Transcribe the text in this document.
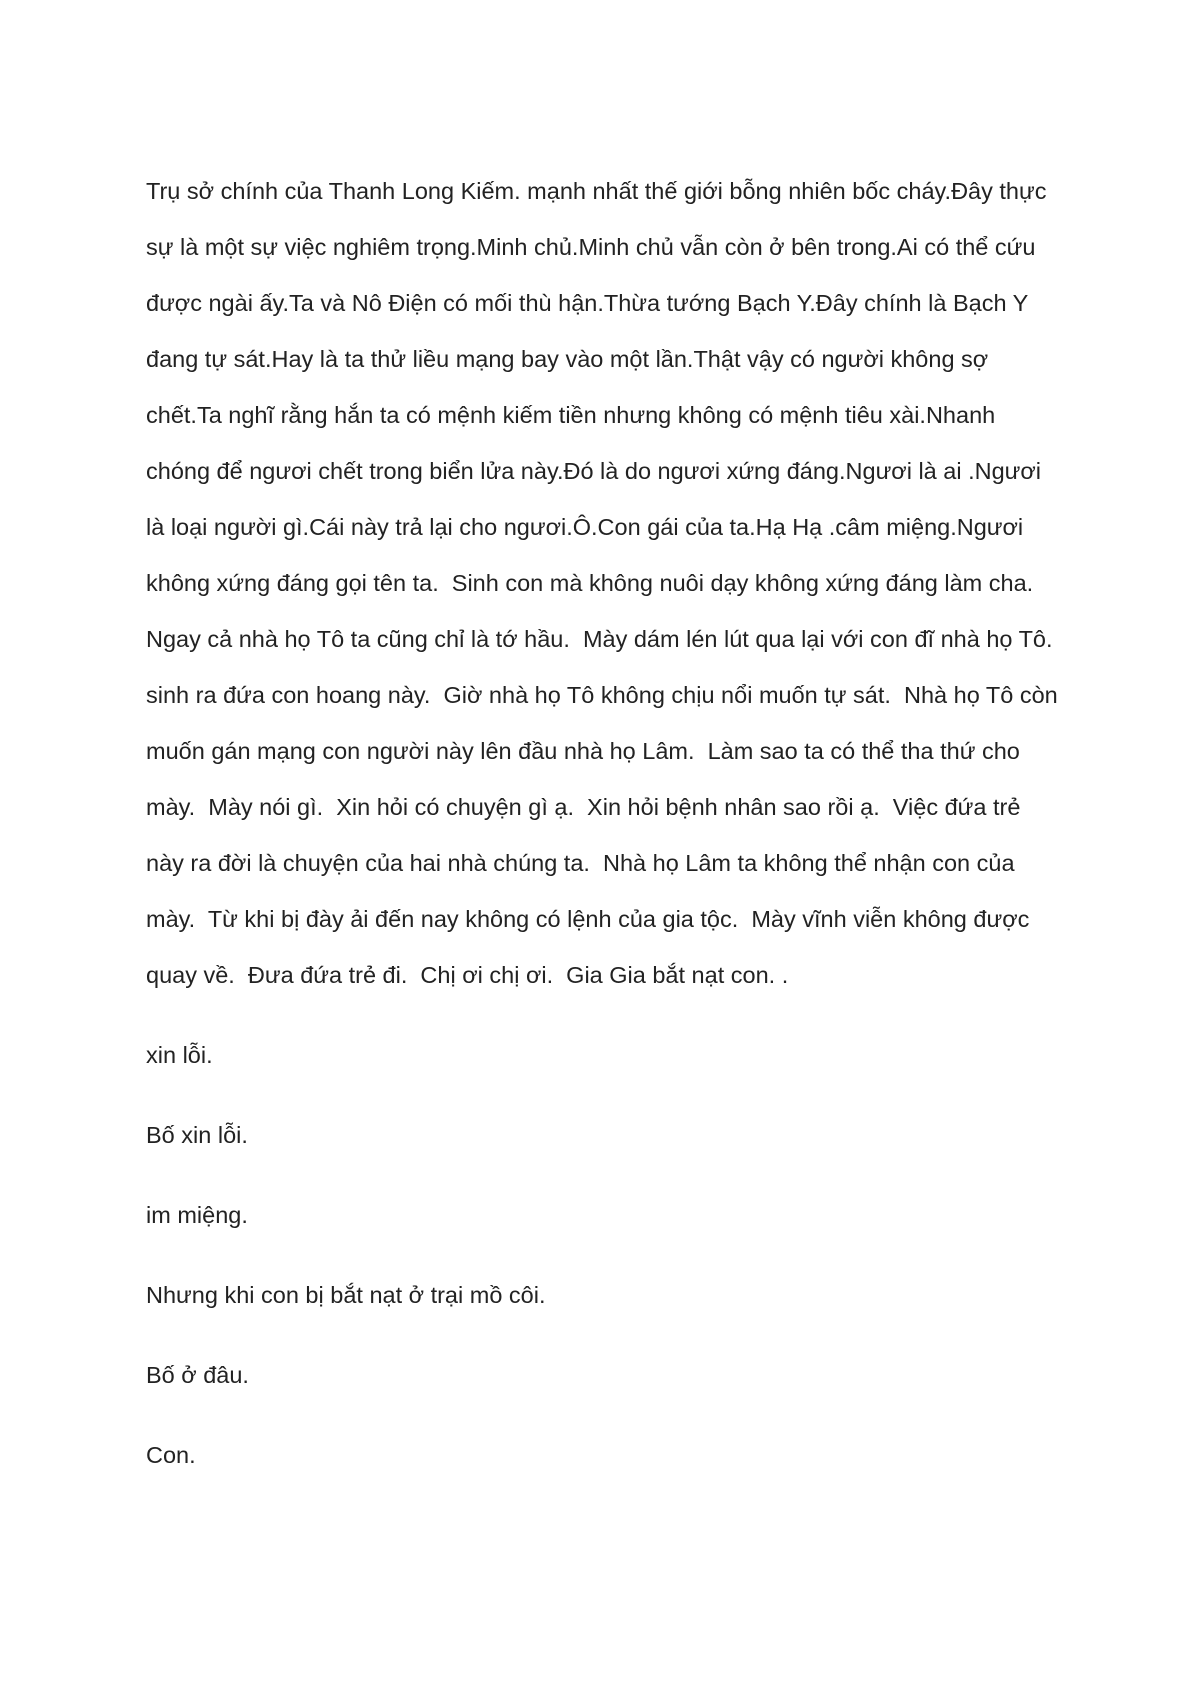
Trụ sở chính của Thanh Long Kiếm. mạnh nhất thế giới bỗng nhiên bốc cháy.Đây thực sự là một sự việc nghiêm trọng.Minh chủ.Minh chủ vẫn còn ở bên trong.Ai có thể cứu được ngài ấy.Ta và Nô Điện có mối thù hận.Thừa tướng Bạch Y.Đây chính là Bạch Y đang tự sát.Hay là ta thử liều mạng bay vào một lần.Thật vậy có người không sợ chết.Ta nghĩ rằng hắn ta có mệnh kiếm tiền nhưng không có mệnh tiêu xài.Nhanh chóng để ngươi chết trong biển lửa này.Đó là do ngươi xứng đáng.Ngươi là ai .Ngươi là loại người gì.Cái này trả lại cho ngươi.Ô.Con gái của ta.Hạ Hạ .câm miệng.Ngươi không xứng đáng gọi tên ta.  Sinh con mà không nuôi dạy không xứng đáng làm cha.  Ngay cả nhà họ Tô ta cũng chỉ là tớ hầu.  Mày dám lén lút qua lại với con đĩ nhà họ Tô. sinh ra đứa con hoang này.  Giờ nhà họ Tô không chịu nổi muốn tự sát.  Nhà họ Tô còn muốn gán mạng con người này lên đầu nhà họ Lâm.  Làm sao ta có thể tha thứ cho mày.  Mày nói gì.  Xin hỏi có chuyện gì ạ.  Xin hỏi bệnh nhân sao rồi ạ.  Việc đứa trẻ này ra đời là chuyện của hai nhà chúng ta.  Nhà họ Lâm ta không thể nhận con của mày.  Từ khi bị đày ải đến nay không có lệnh của gia tộc.  Mày vĩnh viễn không được quay về.  Đưa đứa trẻ đi.  Chị ơi chị ơi.  Gia Gia bắt nạt con. .

xin lỗi.

Bố xin lỗi.

im miệng.

Nhưng khi con bị bắt nạt ở trại mồ côi.

Bố ở đâu.

Con.
